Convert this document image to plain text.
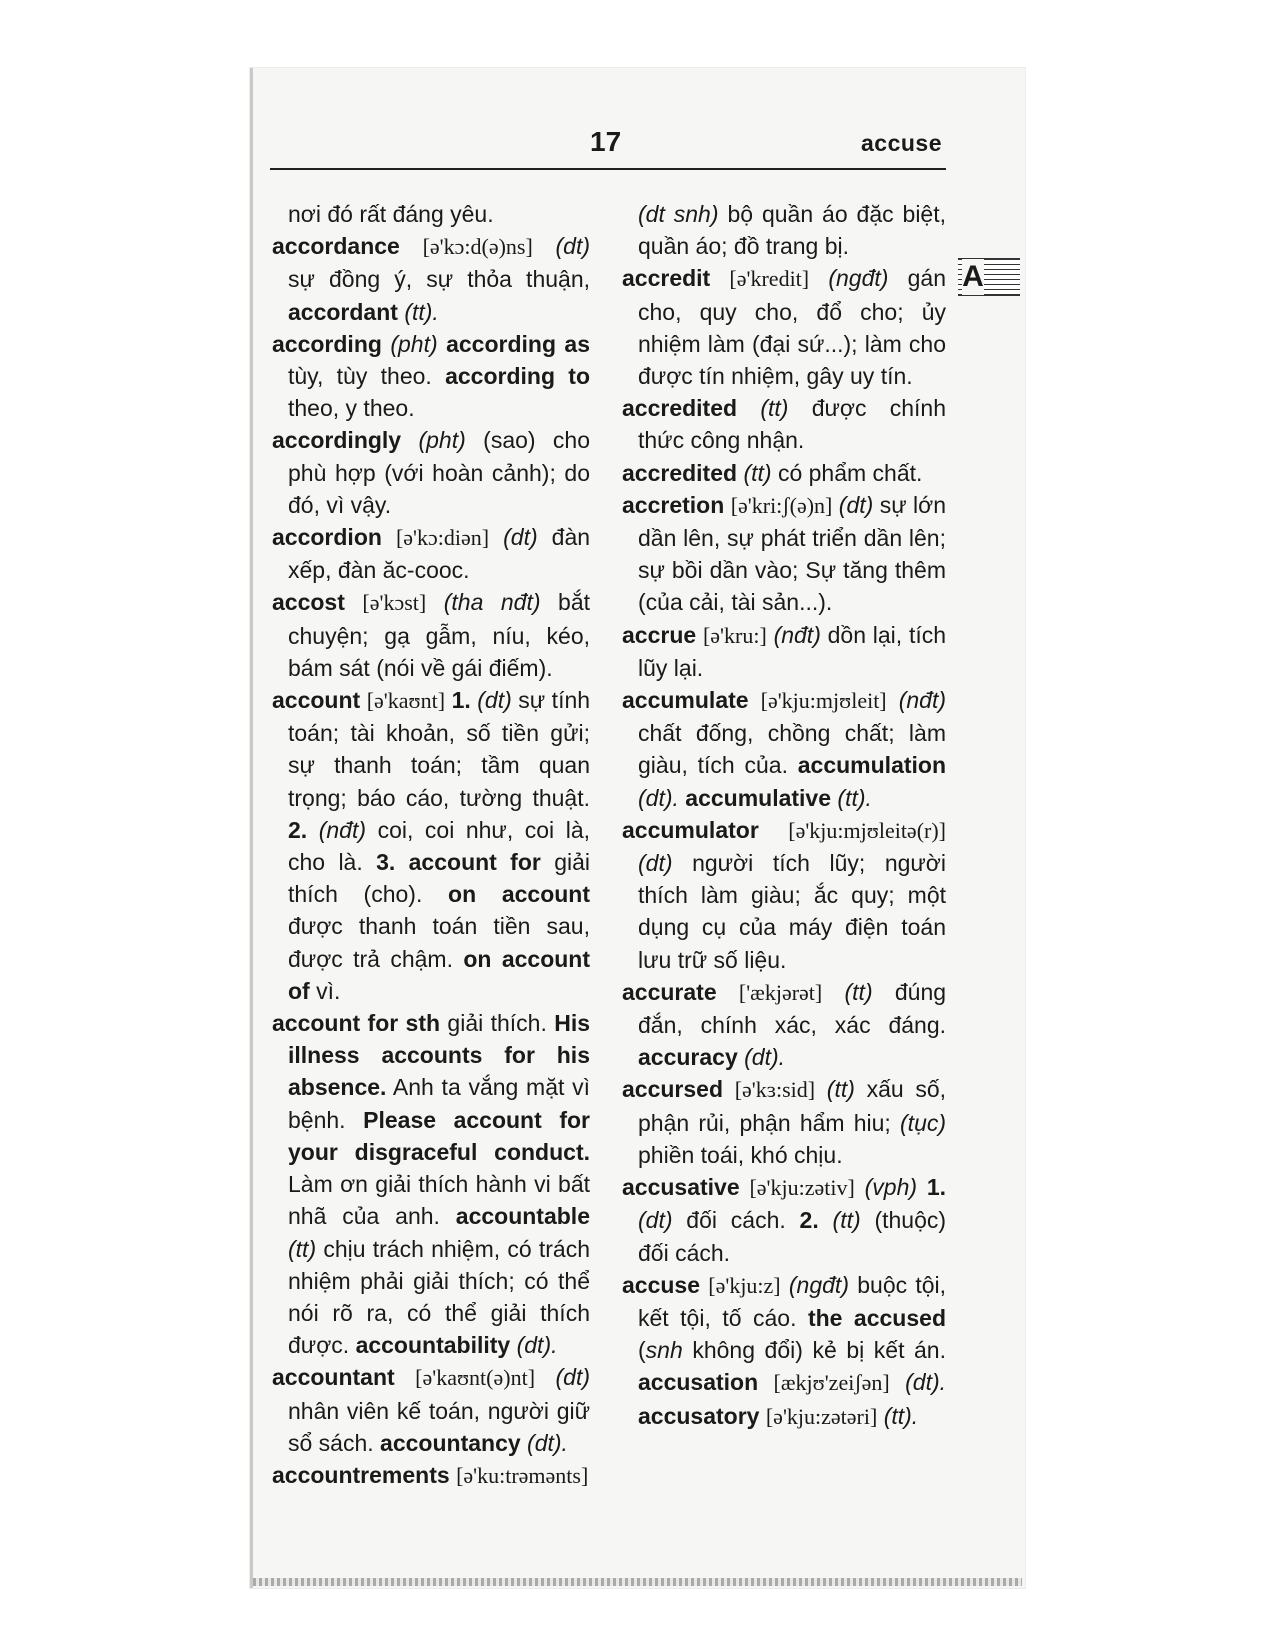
17	accuse
A

nơi đó rất đáng yêu.

accordance [ə'kɔ:d(ə)ns] (dt) sự đồng ý, sự thỏa thuận, accordant (tt).

according (pht) according as tùy, tùy theo. according to theo, y theo.

accordingly (pht) (sao) cho phù hợp (với hoàn cảnh); do đó, vì vậy.

accordion [ə'kɔ:diən] (dt) đàn xếp, đàn ăc-cooc.

accost [ə'kɔst] (tha nđt) bắt chuyện; gạ gẫm, níu, kéo, bám sát (nói về gái điếm).

account [ə'kaʊnt] 1. (dt) sự tính toán; tài khoản, số tiền gửi; sự thanh toán; tầm quan trọng; báo cáo, tường thuật. 2. (nđt) coi, coi như, coi là, cho là. 3. account for giải thích (cho). on account được thanh toán tiền sau, được trả chậm. on account of vì.

account for sth giải thích. His illness accounts for his absence. Anh ta vắng mặt vì bệnh. Please account for your disgraceful conduct. Làm ơn giải thích hành vi bất nhã của anh. accountable (tt) chịu trách nhiệm, có trách nhiệm phải giải thích; có thể nói rõ ra, có thể giải thích được. accountability (dt).

accountant [ə'kaʊnt(ə)nt] (dt) nhân viên kế toán, người giữ sổ sách. accountancy (dt).

accountrements [ə'ku:trəmənts]

(dt snh) bộ quần áo đặc biệt, quần áo; đồ trang bị.

accredit [ə'kredit] (ngđt) gán cho, quy cho, đổ cho; ủy nhiệm làm (đại sứ...); làm cho được tín nhiệm, gây uy tín.

accredited (tt) được chính thức công nhận.

accredited (tt) có phẩm chất.

accretion [ə'kri:ʃ(ə)n] (dt) sự lớn dần lên, sự phát triển dần lên; sự bồi dần vào; Sự tăng thêm (của cải, tài sản...).

accrue [ə'kru:] (nđt) dồn lại, tích lũy lại.

accumulate [ə'kju:mjʊleit] (nđt) chất đống, chồng chất; làm giàu, tích của. accumulation (dt). accumulative (tt).

accumulator [ə'kju:mjʊleitə(r)] (dt) người tích lũy; người thích làm giàu; ắc quy; một dụng cụ của máy điện toán lưu trữ số liệu.

accurate ['ækjərət] (tt) đúng đắn, chính xác, xác đáng. accuracy (dt).

accursed [ə'kɜ:sid] (tt) xấu số, phận rủi, phận hẩm hiu; (tục) phiền toái, khó chịu.

accusative [ə'kju:zətiv] (vph) 1. (dt) đối cách. 2. (tt) (thuộc) đối cách.

accuse [ə'kju:z] (ngđt) buộc tội, kết tội, tố cáo. the accused (snh không đổi) kẻ bị kết án. accusation [ækjʊ'zeiʃən] (dt). accusatory [ə'kju:zətəri] (tt).
